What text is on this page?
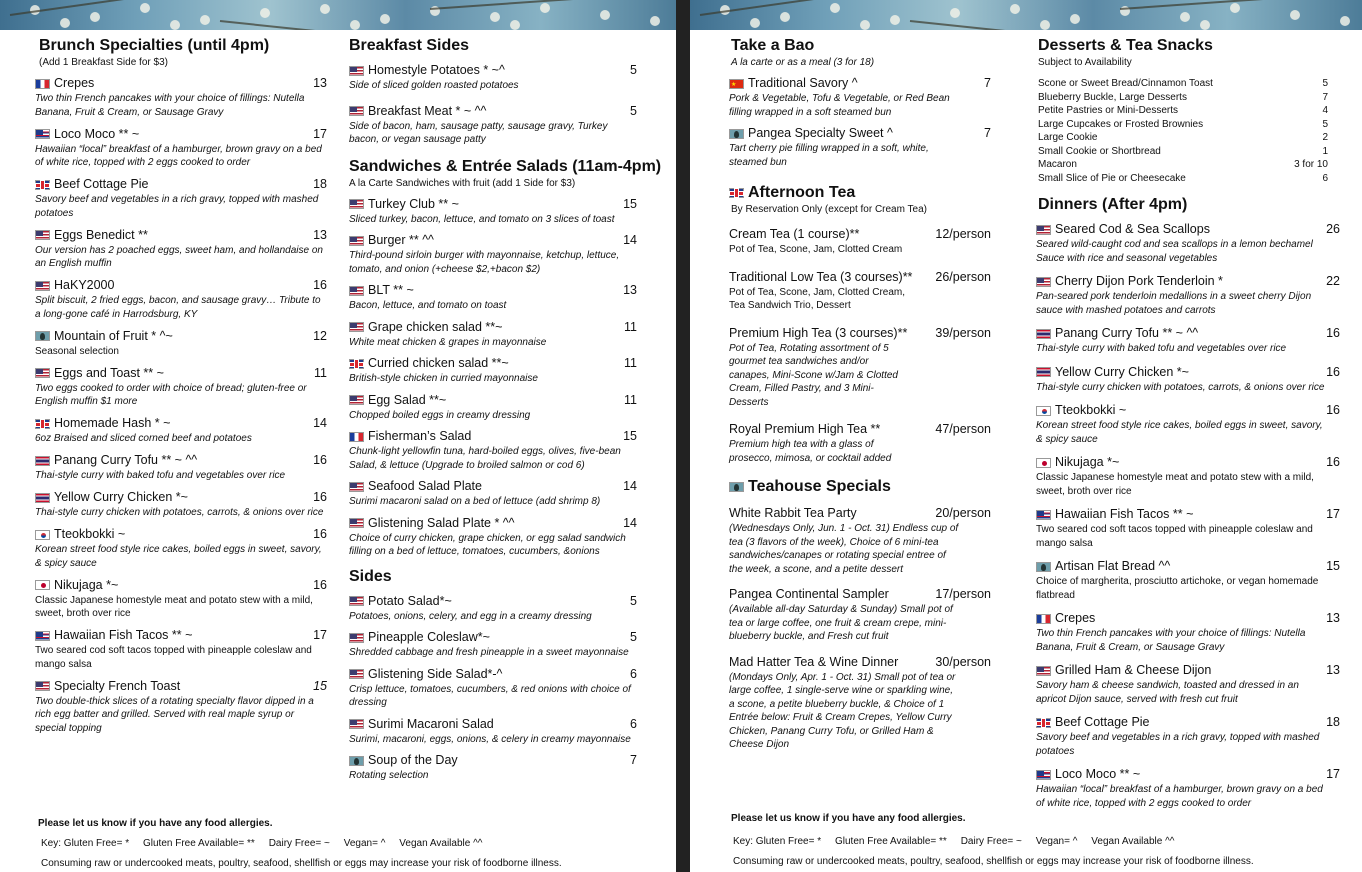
Brunch Specialties (until 4pm)
(Add 1 Breakfast Side for $3)
Crepes	13
Two thin French pancakes with your choice of fillings: Nutella Banana, Fruit & Cream, or Sausage Gravy
Loco Moco ** ~	17
Hawaiian “local” breakfast of a hamburger, brown gravy on a bed of white rice, topped with 2 eggs cooked to order
Beef Cottage Pie	18
Savory beef and vegetables in a rich gravy, topped with mashed potatoes
Eggs Benedict **	13
Our version has 2 poached eggs, sweet ham, and hollandaise on an English muffin
HaKY2000	16
Split biscuit, 2 fried eggs, bacon, and sausage gravy… Tribute to a long-gone café in Harrodsburg, KY
Mountain of Fruit * ^~	12
Seasonal selection
Eggs and Toast ** ~	11
Two eggs cooked to order with choice of bread; gluten-free or English muffin $1 more
Homemade Hash * ~	14
6oz Braised and sliced corned beef and potatoes
Panang Curry Tofu ** ~ ^^	16
Thai-style curry with baked tofu and vegetables over rice
Yellow Curry Chicken *~	16
Thai-style curry chicken with potatoes, carrots, & onions over rice
Tteokbokki ~	16
Korean street food style rice cakes, boiled eggs in sweet, savory, & spicy sauce
Nikujaga *~	16
Classic Japanese homestyle meat and potato stew with a mild, sweet, broth over rice
Hawaiian Fish Tacos ** ~	17
Two seared cod soft tacos topped with pineapple coleslaw and mango salsa
Specialty French Toast	15
Two double-thick slices of a rotating specialty flavor dipped in a rich egg batter and grilled. Served with real maple syrup or special topping
Breakfast Sides
Homestyle Potatoes * ~^	5
Side of sliced golden roasted potatoes
Breakfast Meat * ~ ^^	5
Side of bacon, ham, sausage patty, sausage gravy, Turkey bacon, or vegan sausage patty
Sandwiches & Entrée Salads (11am-4pm)
A la Carte Sandwiches with fruit (add 1 Side for $3)
Turkey Club ** ~	15
Sliced turkey, bacon, lettuce, and tomato on 3 slices of toast
Burger ** ^^	14
Third-pound sirloin burger with mayonnaise, ketchup, lettuce, tomato, and onion (+cheese $2,+bacon $2)
BLT ** ~	13
Bacon, lettuce, and tomato on toast
Grape chicken salad **~	11
White meat chicken & grapes in mayonnaise
Curried chicken salad **~	11
British-style chicken in curried mayonnaise
Egg Salad **~	11
Chopped boiled eggs in creamy dressing
Fisherman’s Salad	15
Chunk-light yellowfin tuna, hard-boiled eggs, olives, five-bean Salad, & lettuce (Upgrade to broiled salmon or cod 6)
Seafood Salad Plate	14
Surimi macaroni salad on a bed of lettuce (add shrimp 8)
Glistening Salad Plate * ^^	14
Choice of curry chicken, grape chicken, or egg salad sandwich filling on a bed of lettuce, tomatoes, cucumbers, &onions
Sides
Potato Salad*~	5
Potatoes, onions, celery, and egg in a creamy dressing
Pineapple Coleslaw*~	5
Shredded cabbage and fresh pineapple in a sweet mayonnaise
Glistening Side Salad*-^	6
Crisp lettuce, tomatoes, cucumbers, & red onions with choice of dressing
Surimi Macaroni Salad	6
Surimi, macaroni, eggs, onions, & celery in creamy mayonnaise
Soup of the Day	7
Rotating selection
Please let us know if you have any food allergies.
Key: Gluten Free= *     Gluten Free Available= **     Dairy Free= ~     Vegan= ^     Vegan Available ^^
Consuming raw or undercooked meats, poultry, seafood, shellfish or eggs may increase your risk of foodborne illness.
Take a Bao
A la carte or as a meal (3 for 18)
★
Traditional Savory ^	7
Pork & Vegetable, Tofu & Vegetable, or Red Bean filling wrapped in a soft steamed bun
Pangea Specialty Sweet ^	7
Tart cherry pie filling wrapped in a soft, white, steamed bun
Afternoon Tea
By Reservation Only (except for Cream Tea)
Cream Tea (1 course)**	12/person
Pot of Tea, Scone, Jam, Clotted Cream
Traditional Low Tea (3 courses)**	26/person
Pot of Tea, Scone, Jam, Clotted Cream, Tea Sandwich Trio, Dessert
Premium High Tea (3 courses)**	39/person
Pot of Tea, Rotating assortment of 5 gourmet tea sandwiches and/or canapes, Mini-Scone w/Jam & Clotted Cream, Filled Pastry, and 3 Mini-Desserts
Royal Premium High Tea **	47/person
Premium high tea with a glass of prosecco, mimosa, or cocktail added
Teahouse Specials
White Rabbit Tea Party	20/person
(Wednesdays Only, Jun. 1 - Oct. 31) Endless cup of tea (3 flavors of the week), Choice of 6 mini-tea sandwiches/canapes or rotating special entree of the week, a scone, and a petite dessert
Pangea Continental Sampler	17/person
(Available all-day Saturday & Sunday) Small pot of tea or large coffee, one fruit & cream crepe, mini-blueberry buckle, and Fresh cut fruit
Mad Hatter Tea & Wine Dinner	30/person
(Mondays Only, Apr. 1 - Oct. 31) Small pot of tea or large coffee, 1 single-serve wine or sparkling wine, a scone, a petite blueberry buckle, & Choice of 1 Entrée below: Fruit & Cream Crepes, Yellow Curry Chicken, Panang Curry Tofu, or Grilled Ham & Cheese Dijon
Desserts & Tea Snacks
Subject to Availability
Scone or Sweet Bread/Cinnamon Toast	5
Blueberry Buckle, Large Desserts	7
Petite Pastries or Mini-Desserts	4
Large Cupcakes or Frosted Brownies	5
Large Cookie	2
Small Cookie or Shortbread	1
Macaron	3 for 10
Small Slice of Pie or Cheesecake	6
Dinners (After 4pm)
Seared Cod & Sea Scallops	26
Seared wild-caught cod and sea scallops in a lemon bechamel Sauce with rice and seasonal vegetables
Cherry Dijon Pork Tenderloin *	22
Pan-seared pork tenderloin medallions in a sweet cherry Dijon sauce with mashed potatoes and carrots
Panang Curry Tofu ** ~ ^^	16
Thai-style curry with baked tofu and vegetables over rice
Yellow Curry Chicken *~	16
Thai-style curry chicken with potatoes, carrots, & onions over rice
Tteokbokki ~	16
Korean street food style rice cakes, boiled eggs in sweet, savory, & spicy sauce
Nikujaga *~	16
Classic Japanese homestyle meat and potato stew with a mild, sweet, broth over rice
Hawaiian Fish Tacos ** ~	17
Two seared cod soft tacos topped with pineapple coleslaw and mango salsa
Artisan Flat Bread ^^	15
Choice of margherita, prosciutto artichoke, or vegan homemade flatbread
Crepes	13
Two thin French pancakes with your choice of fillings: Nutella Banana, Fruit & Cream, or Sausage Gravy
Grilled Ham & Cheese Dijon	13
Savory ham & cheese sandwich, toasted and dressed in an apricot Dijon sauce, served with fresh cut fruit
Beef Cottage Pie	18
Savory beef and vegetables in a rich gravy, topped with mashed potatoes
Loco Moco ** ~	17
Hawaiian “local” breakfast of a hamburger, brown gravy on a bed of white rice, topped with 2 eggs cooked to order
Please let us know if you have any food allergies.
Key: Gluten Free= *     Gluten Free Available= **     Dairy Free= ~     Vegan= ^     Vegan Available ^^
Consuming raw or undercooked meats, poultry, seafood, shellfish or eggs may increase your risk of foodborne illness.
